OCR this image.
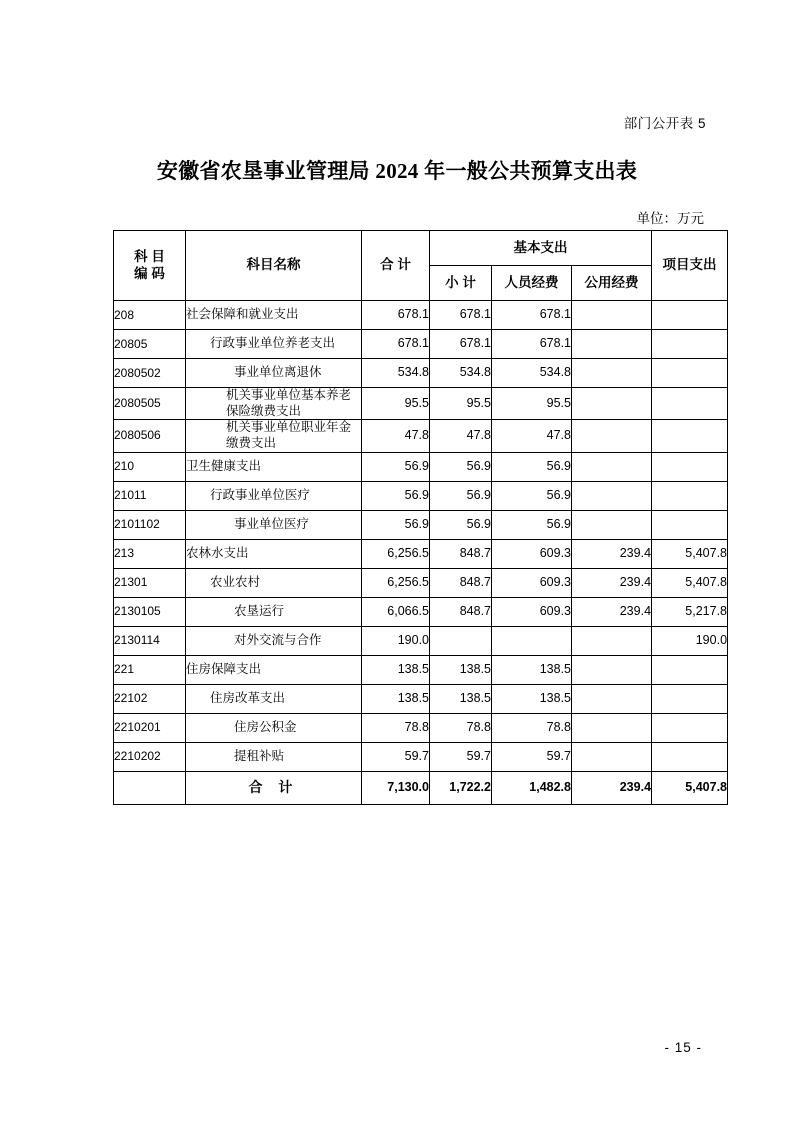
部门公开表 5
安徽省农垦事业管理局 2024 年一般公共预算支出表
单位：万元
科 目
编 码	科目名称	合 计	基本支出			项目支出
			小 计	人员经费	公用经费	
208	社会保障和就业支出	678.1	678.1	678.1		
20805	行政事业单位养老支出	678.1	678.1	678.1		
2080502	事业单位离退休	534.8	534.8	534.8		
2080505	机关事业单位基本养老保险缴费支出	95.5	95.5	95.5		
2080506	机关事业单位职业年金缴费支出	47.8	47.8	47.8		
210	卫生健康支出	56.9	56.9	56.9		
21011	行政事业单位医疗	56.9	56.9	56.9		
2101102	事业单位医疗	56.9	56.9	56.9		
213	农林水支出	6,256.5	848.7	609.3	239.4	5,407.8
21301	农业农村	6,256.5	848.7	609.3	239.4	5,407.8
2130105	农垦运行	6,066.5	848.7	609.3	239.4	5,217.8
2130114	对外交流与合作	190.0				190.0
221	住房保障支出	138.5	138.5	138.5		
22102	住房改革支出	138.5	138.5	138.5		
2210201	住房公积金	78.8	78.8	78.8		
2210202	提租补贴	59.7	59.7	59.7		
	合 计	7,130.0	1,722.2	1,482.8	239.4	5,407.8
- 15 -
